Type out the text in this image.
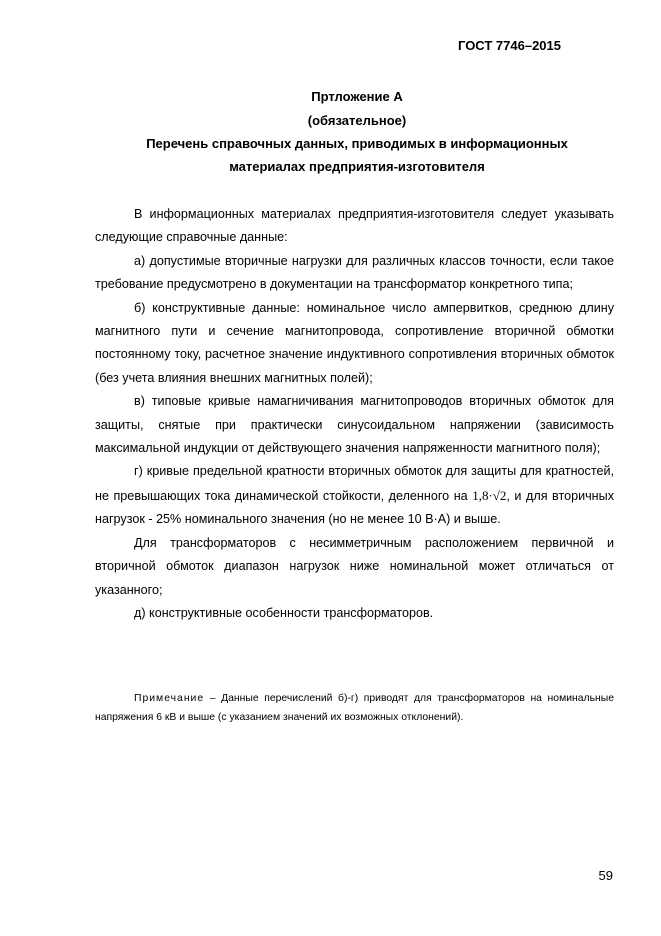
ГОСТ 7746–2015
Пртложение А
(обязательное)
Перечень справочных данных, приводимых в информационных
материалах предприятия-изготовителя

В информационных материалах предприятия-изготовителя следует указывать следующие справочные данные:

а) допустимые вторичные нагрузки для различных классов точности, если такое требование предусмотрено в документации на трансформатор конкретного типа;

б) конструктивные данные: номинальное число ампервитков, среднюю длину магнитного пути и сечение магнитопровода, сопротивление вторичной обмотки постоянному току, расчетное значение индуктивного сопротивления вторичных обмоток (без учета влияния внешних магнитных полей);

в) типовые кривые намагничивания магнитопроводов вторичных обмоток для защиты, снятые при практически синусоидальном напряжении (зависимость максимальной индукции от действующего значения напряженности магнитного поля);

г) кривые предельной кратности вторичных обмоток для защиты для кратностей, не превышающих тока динамической стойкости, деленного на 1,8·√2, и для вторичных нагрузок - 25% номинального значения (но не менее 10 В·А) и выше.

Для трансформаторов с несимметричным расположением первичной и вторичной обмоток диапазон нагрузок ниже номинальной может отличаться от указанного;

д) конструктивные особенности трансформаторов.

Примечание – Данные перечислений б)-г) приводят для трансформаторов на номинальные напряжения 6 кВ и выше (с указанием значений их возможных отклонений).
59
